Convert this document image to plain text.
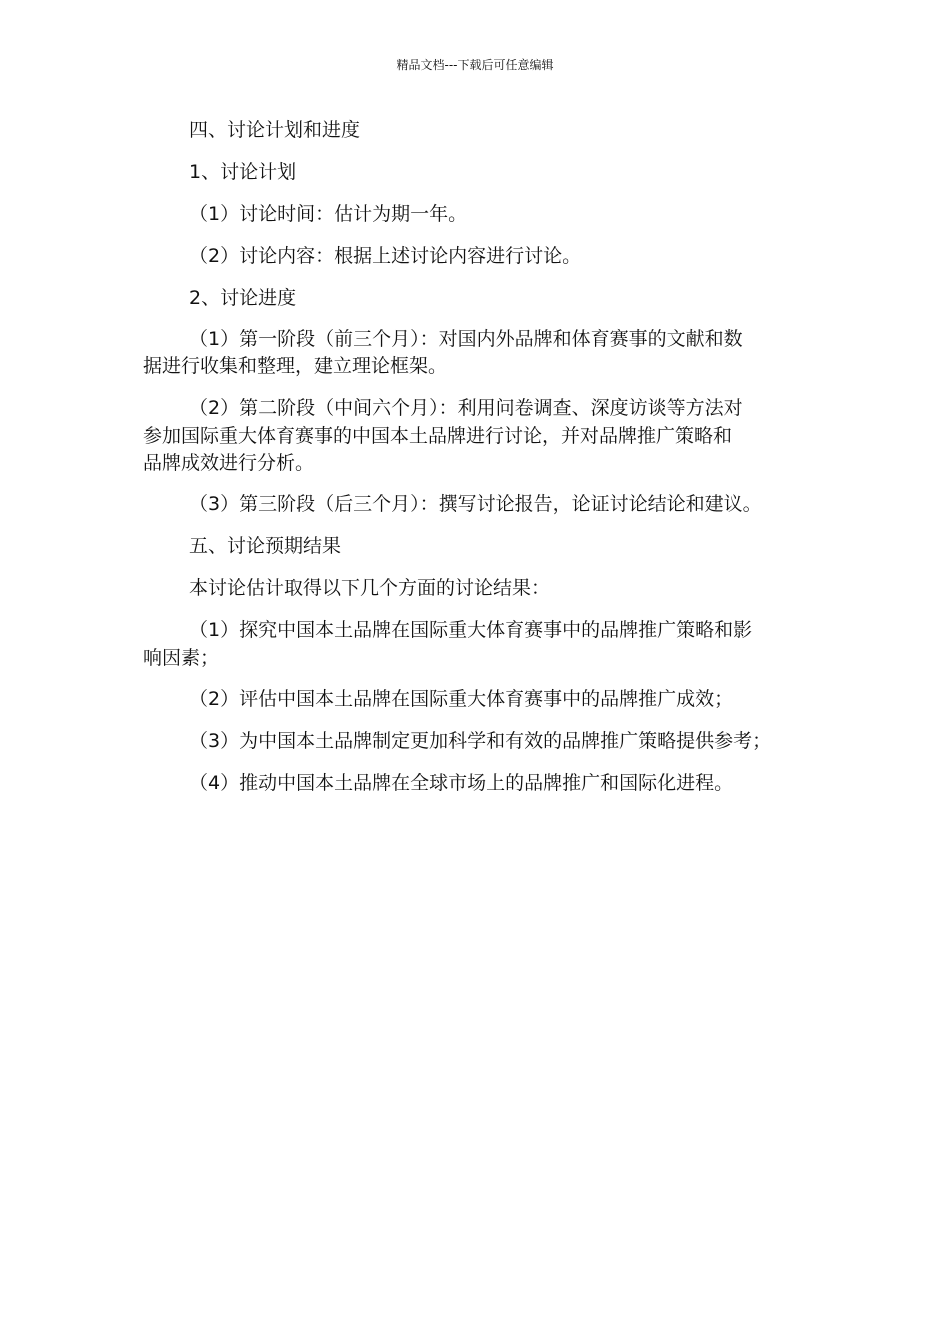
精品文档---下载后可任意编辑
四、讨论计划和进度
1、讨论计划
（1）讨论时间：估计为期一年。
（2）讨论内容：根据上述讨论内容进行讨论。
2、讨论进度
（1）第一阶段（前三个月）：对国内外品牌和体育赛事的文献和数
据进行收集和整理，建立理论框架。
（2）第二阶段（中间六个月）：利用问卷调查、深度访谈等方法对
参加国际重大体育赛事的中国本土品牌进行讨论，并对品牌推广策略和
品牌成效进行分析。
（3）第三阶段（后三个月）：撰写讨论报告，论证讨论结论和建议。
五、讨论预期结果
本讨论估计取得以下几个方面的讨论结果：
（1）探究中国本土品牌在国际重大体育赛事中的品牌推广策略和影
响因素；
（2）评估中国本土品牌在国际重大体育赛事中的品牌推广成效；
（3）为中国本土品牌制定更加科学和有效的品牌推广策略提供参考；
（4）推动中国本土品牌在全球市场上的品牌推广和国际化进程。
